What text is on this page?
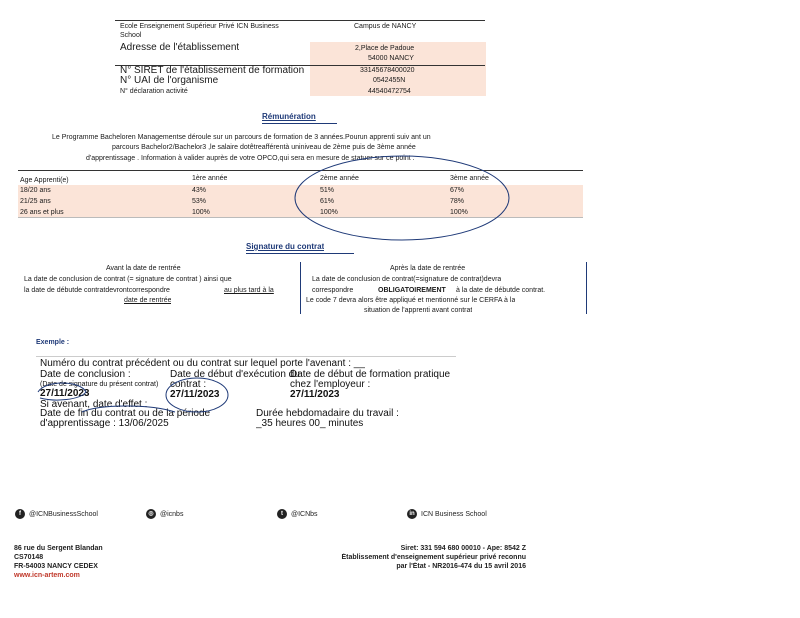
Ecole Enseignement Supérieur Privé ICN Business School
Campus de NANCY
Adresse de l'établissement	2,Place de Padoue
54000 NANCY
N° SIRET de l'établissement de formation	33145678400020
N° UAI de l'organisme	0542455N
N° déclaration activité	44540472754
Rémunération
Le Programme Bacheloren Managementse déroule sur un parcours de formation de 3 années.Pourun apprenti suiv ant un
parcours Bachelor2/Bachelor3 ,le salaire dotêtreafférentà uniniveau de 2ème puis de 3ème année
d'apprentissage . Information à valider auprès de votre OPCO,qui sera en mesure de statuer sur ce point .
Age Apprenti(e)	1ère année	2ème année	3ème année
18/20 ans	43%	51%	67%
21/25 ans	53%	61%	78%
26 ans et plus	100%	100%	100%
Signature du contrat
Avant la date de rentrée
La date de conclusion de contrat (= signature de contrat ) ainsi que
la date de débutde contratdevrontcorrespondre	au plus tard à la
date de rentrée
Après la date de rentrée
La date de conclusion de contrat(=signature de contrat)devra
correspondre	OBLIGATOIREMENT à la date de débutde contrat.
Le code 7 devra alors être appliqué et mentionné sur le CERFA à la
situation de l'apprenti avant contrat
Exemple :
Numéro du contrat précédent ou du contrat sur lequel porte l'avenant : __
Date de conclusion :
(Date de signature du présent contrat)
27/11/2023
Date de début d'exécution du
contrat :
27/11/2023
Date de début de formation pratique
chez l'employeur :
27/11/2023
Si avenant, date d'effet :
Date de fin du contrat ou de la période
d'apprentissage : 13/06/2025
Durée hebdomadaire du travail :
_35 heures 00_ minutes
f	@ICNBusinessSchool	◎ @icnbs	t	@ICNbs	in ICN Business School
86 rue du Sergent Blandan
CS70148
FR-54003 NANCY CEDEX
www.icn-artem.com
Siret: 331 594 680 00010 - Ape: 8542 Z
Établissement d'enseignement supérieur privé reconnu
par l'État - NR2016-474 du 15 avril 2016
